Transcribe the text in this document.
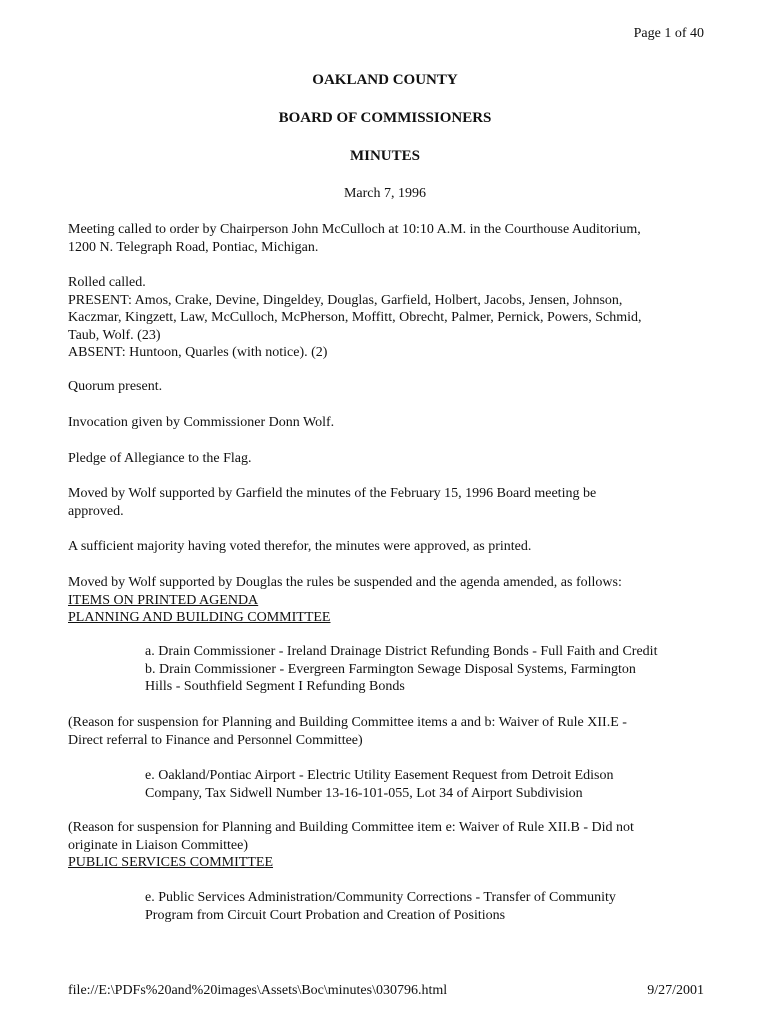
Page 1 of 40
OAKLAND COUNTY
BOARD OF COMMISSIONERS
MINUTES
March 7, 1996

Meeting called to order by Chairperson John McCulloch at 10:10 A.M. in the Courthouse Auditorium,
1200 N. Telegraph Road, Pontiac, Michigan.

Rolled called.
PRESENT: Amos, Crake, Devine, Dingeldey, Douglas, Garfield, Holbert, Jacobs, Jensen, Johnson,
Kaczmar, Kingzett, Law, McCulloch, McPherson, Moffitt, Obrecht, Palmer, Pernick, Powers, Schmid,
Taub, Wolf. (23)
ABSENT: Huntoon, Quarles (with notice). (2)

Quorum present.

Invocation given by Commissioner Donn Wolf.

Pledge of Allegiance to the Flag.

Moved by Wolf supported by Garfield the minutes of the February 15, 1996 Board meeting be
approved.

A sufficient majority having voted therefor, the minutes were approved, as printed.

Moved by Wolf supported by Douglas the rules be suspended and the agenda amended, as follows:
ITEMS ON PRINTED AGENDA
PLANNING AND BUILDING COMMITTEE

a. Drain Commissioner - Ireland Drainage District Refunding Bonds - Full Faith and Credit
b. Drain Commissioner - Evergreen Farmington Sewage Disposal Systems, Farmington
Hills - Southfield Segment I Refunding Bonds

(Reason for suspension for Planning and Building Committee items a and b: Waiver of Rule XII.E -
Direct referral to Finance and Personnel Committee)

e. Oakland/Pontiac Airport - Electric Utility Easement Request from Detroit Edison
Company, Tax Sidwell Number 13-16-101-055, Lot 34 of Airport Subdivision

(Reason for suspension for Planning and Building Committee item e: Waiver of Rule XII.B - Did not
originate in Liaison Committee)
PUBLIC SERVICES COMMITTEE

e. Public Services Administration/Community Corrections - Transfer of Community
Program from Circuit Court Probation and Creation of Positions

file://E:\PDFs%20and%20images\Assets\Boc\minutes\030796.html	9/27/2001
